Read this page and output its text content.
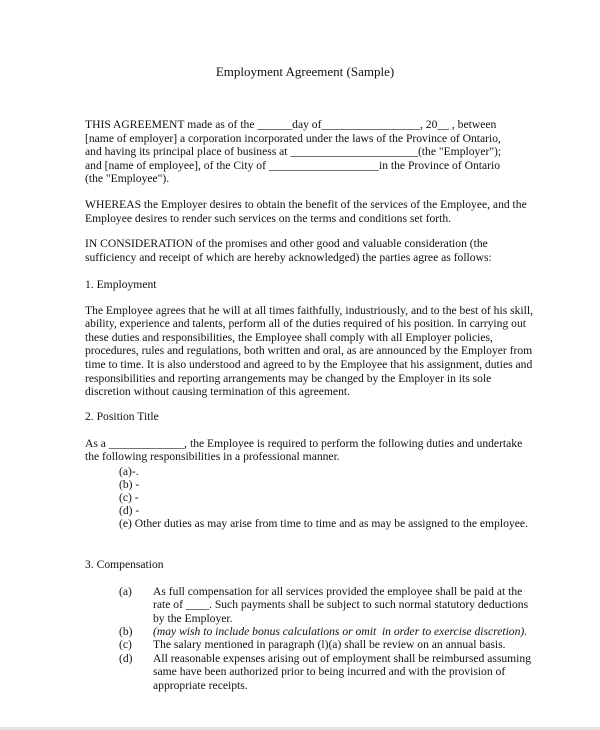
Employment Agreement (Sample)
THIS AGREEMENT made as of the ______day of_________________, 20__ , between
[name of employer] a corporation incorporated under the laws of the Province of Ontario,
and having its principal place of business at ______________________(the "Employer");
and [name of employee], of the City of ___________________in the Province of Ontario
(the "Employee").
WHEREAS the Employer desires to obtain the benefit of the services of the Employee, and the
Employee desires to render such services on the terms and conditions set forth.
IN CONSIDERATION of the promises and other good and valuable consideration (the
sufficiency and receipt of which are hereby acknowledged) the parties agree as follows:
1. Employment
The Employee agrees that he will at all times faithfully, industriously, and to the best of his skill,
ability, experience and talents, perform all of the duties required of his position. In carrying out
these duties and responsibilities, the Employee shall comply with all Employer policies,
procedures, rules and regulations, both written and oral, as are announced by the Employer from
time to time. It is also understood and agreed to by the Employee that his assignment, duties and
responsibilities and reporting arrangements may be changed by the Employer in its sole
discretion without causing termination of this agreement.
2. Position Title
As a _____________, the Employee is required to perform the following duties and undertake
the following responsibilities in a professional manner.
(a)-.
(b) -
(c) -
(d) -
(e) Other duties as may arise from time to time and as may be assigned to the employee.
3. Compensation
(a) As full compensation for all services provided the employee shall be paid at the
rate of ____. Such payments shall be subject to such normal statutory deductions
by the Employer.
(b) (may wish to include bonus calculations or omit  in order to exercise discretion).
(c) The salary mentioned in paragraph (l)(a) shall be review on an annual basis.
(d) All reasonable expenses arising out of employment shall be reimbursed assuming
same have been authorized prior to being incurred and with the provision of
appropriate receipts.
